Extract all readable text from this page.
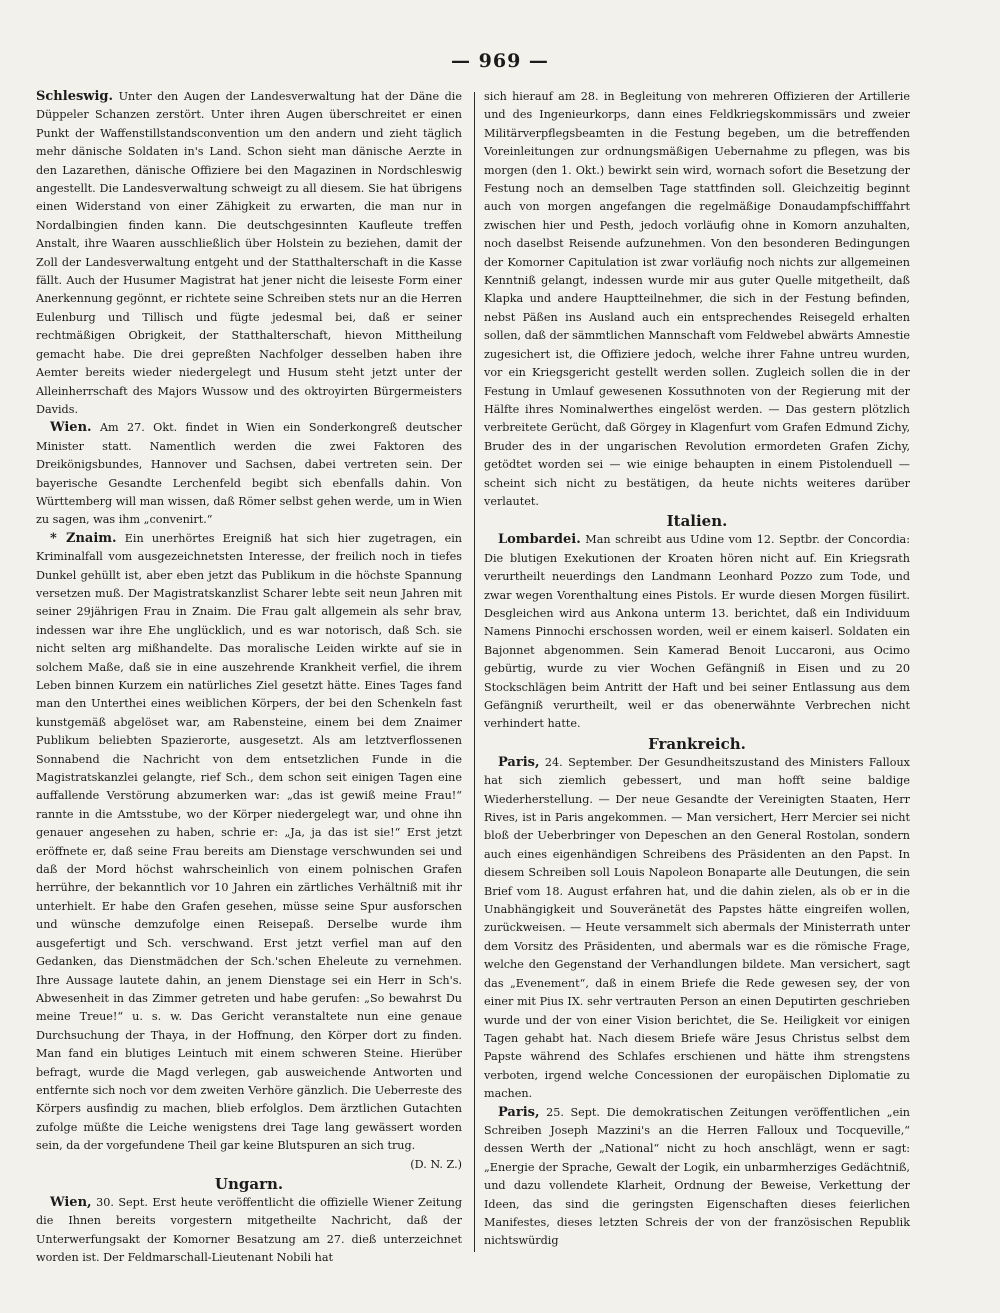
— 969 —

Schleswig. Unter den Augen der Landesverwaltung hat der Däne die Düppeler Schanzen zerstört. Unter ihren Augen überschreitet er einen Punkt der Waffenstillstandsconvention um den andern und zieht täglich mehr dänische Soldaten in's Land. Schon sieht man dänische Aerzte in den Lazarethen, dänische Offiziere bei den Magazinen in Nordschleswig angestellt. Die Landesverwaltung schweigt zu all diesem. Sie hat übrigens einen Widerstand von einer Zähigkeit zu erwarten, die man nur in Nordalbingien finden kann. Die deutschgesinnten Kaufleute treffen Anstalt, ihre Waaren ausschließlich über Holstein zu beziehen, damit der Zoll der Landesverwaltung entgeht und der Statthalterschaft in die Kasse fällt. Auch der Husumer Magistrat hat jener nicht die leiseste Form einer Anerkennung gegönnt, er richtete seine Schreiben stets nur an die Herren Eulenburg und Tillisch und fügte jedesmal bei, daß er seiner rechtmäßigen Obrigkeit, der Statthalterschaft, hievon Mittheilung gemacht habe. Die drei gepreßten Nachfolger desselben haben ihre Aemter bereits wieder niedergelegt und Husum steht jetzt unter der Alleinherrschaft des Majors Wussow und des oktroyirten Bürgermeisters Davids.

Wien. Am 27. Okt. findet in Wien ein Sonderkongreß deutscher Minister statt. Namentlich werden die zwei Faktoren des Dreikönigsbundes, Hannover und Sachsen, dabei vertreten sein. Der bayerische Gesandte Lerchenfeld begibt sich ebenfalls dahin. Von Württemberg will man wissen, daß Römer selbst gehen werde, um in Wien zu sagen, was ihm „convenirt.“

* Znaim. Ein unerhörtes Ereigniß hat sich hier zugetragen, ein Kriminalfall vom ausgezeichnetsten Interesse, der freilich noch in tiefes Dunkel gehüllt ist, aber eben jetzt das Publikum in die höchste Spannung versetzen muß. Der Magistratskanzlist Scharer lebte seit neun Jahren mit seiner 29jährigen Frau in Znaim. Die Frau galt allgemein als sehr brav, indessen war ihre Ehe unglücklich, und es war notorisch, daß Sch. sie nicht selten arg mißhandelte. Das moralische Leiden wirkte auf sie in solchem Maße, daß sie in eine auszehrende Krankheit verfiel, die ihrem Leben binnen Kurzem ein natürliches Ziel gesetzt hätte. Eines Tages fand man den Unterthei eines weiblichen Körpers, der bei den Schenkeln fast kunstgemäß abgelöset war, am Rabensteine, einem bei dem Znaimer Publikum beliebten Spazierorte, ausgesetzt. Als am letztverflossenen Sonnabend die Nachricht von dem entsetzlichen Funde in die Magistratskanzlei gelangte, rief Sch., dem schon seit einigen Tagen eine auffallende Verstörung abzumerken war: „das ist gewiß meine Frau!“ rannte in die Amtsstube, wo der Körper niedergelegt war, und ohne ihn genauer angesehen zu haben, schrie er: „Ja, ja das ist sie!“ Erst jetzt eröffnete er, daß seine Frau bereits am Dienstage verschwunden sei und daß der Mord höchst wahrscheinlich von einem polnischen Grafen herrühre, der bekanntlich vor 10 Jahren ein zärtliches Verhältniß mit ihr unterhielt. Er habe den Grafen gesehen, müsse seine Spur ausforschen und wünsche demzufolge einen Reisepaß. Derselbe wurde ihm ausgefertigt und Sch. verschwand. Erst jetzt verfiel man auf den Gedanken, das Dienstmädchen der Sch.'schen Eheleute zu vernehmen. Ihre Aussage lautete dahin, an jenem Dienstage sei ein Herr in Sch's. Abwesenheit in das Zimmer getreten und habe gerufen: „So bewahrst Du meine Treue!“ u. s. w. Das Gericht veranstaltete nun eine genaue Durchsuchung der Thaya, in der Hoffnung, den Körper dort zu finden. Man fand ein blutiges Leintuch mit einem schweren Steine. Hierüber befragt, wurde die Magd verlegen, gab ausweichende Antworten und entfernte sich noch vor dem zweiten Verhöre gänzlich. Die Ueberreste des Körpers ausfindig zu machen, blieb erfolglos. Dem ärztlichen Gutachten zufolge müßte die Leiche wenigstens drei Tage lang gewässert worden sein, da der vorgefundene Theil gar keine Blutspuren an sich trug.
(D. N. Z.)

Ungarn.

Wien, 30. Sept. Erst heute veröffentlicht die offizielle Wiener Zeitung die Ihnen bereits vorgestern mitgetheilte Nachricht, daß der Unterwerfungsakt der Komorner Besatzung am 27. dieß unterzeichnet worden ist. Der Feldmarschall-Lieutenant Nobili hat

sich hierauf am 28. in Begleitung von mehreren Offizieren der Artillerie und des Ingenieurkorps, dann eines Feldkriegskommissärs und zweier Militärverpflegsbeamten in die Festung begeben, um die betreffenden Voreinleitungen zur ordnungsmäßigen Uebernahme zu pflegen, was bis morgen (den 1. Okt.) bewirkt sein wird, wornach sofort die Besetzung der Festung noch an demselben Tage stattfinden soll. Gleichzeitig beginnt auch von morgen angefangen die regelmäßige Donaudampfschifffahrt zwischen hier und Pesth, jedoch vorläufig ohne in Komorn anzuhalten, noch daselbst Reisende aufzunehmen. Von den besonderen Bedingungen der Komorner Capitulation ist zwar vorläufig noch nichts zur allgemeinen Kenntniß gelangt, indessen wurde mir aus guter Quelle mitgetheilt, daß Klapka und andere Hauptteilnehmer, die sich in der Festung befinden, nebst Päßen ins Ausland auch ein entsprechendes Reisegeld erhalten sollen, daß der sämmtlichen Mannschaft vom Feldwebel abwärts Amnestie zugesichert ist, die Offiziere jedoch, welche ihrer Fahne untreu wurden, vor ein Kriegsgericht gestellt werden sollen. Zugleich sollen die in der Festung in Umlauf gewesenen Kossuthnoten von der Regierung mit der Hälfte ihres Nominalwerthes eingelöst werden. — Das gestern plötzlich verbreitete Gerücht, daß Görgey in Klagenfurt vom Grafen Edmund Zichy, Bruder des in der ungarischen Revolution ermordeten Grafen Zichy, getödtet worden sei — wie einige behaupten in einem Pistolenduell — scheint sich nicht zu bestätigen, da heute nichts weiteres darüber verlautet.

Italien.

Lombardei. Man schreibt aus Udine vom 12. Septbr. der Concordia: Die blutigen Exekutionen der Kroaten hören nicht auf. Ein Kriegsrath verurtheilt neuerdings den Landmann Leonhard Pozzo zum Tode, und zwar wegen Vorenthaltung eines Pistols. Er wurde diesen Morgen füsilirt. Desgleichen wird aus Ankona unterm 13. berichtet, daß ein Individuum Namens Pinnochi erschossen worden, weil er einem kaiserl. Soldaten ein Bajonnet abgenommen. Sein Kamerad Benoit Luccaroni, aus Ocimo gebürtig, wurde zu vier Wochen Gefängniß in Eisen und zu 20 Stockschlägen beim Antritt der Haft und bei seiner Entlassung aus dem Gefängniß verurtheilt, weil er das obenerwähnte Verbrechen nicht verhindert hatte.

Frankreich.

Paris, 24. September. Der Gesundheitszustand des Ministers Falloux hat sich ziemlich gebessert, und man hofft seine baldige Wiederherstellung. — Der neue Gesandte der Vereinigten Staaten, Herr Rives, ist in Paris angekommen. — Man versichert, Herr Mercier sei nicht bloß der Ueberbringer von Depeschen an den General Rostolan, sondern auch eines eigenhändigen Schreibens des Präsidenten an den Papst. In diesem Schreiben soll Louis Napoleon Bonaparte alle Deutungen, die sein Brief vom 18. August erfahren hat, und die dahin zielen, als ob er in die Unabhängigkeit und Souveränetät des Papstes hätte eingreifen wollen, zurückweisen. — Heute versammelt sich abermals der Ministerrath unter dem Vorsitz des Präsidenten, und abermals war es die römische Frage, welche den Gegenstand der Verhandlungen bildete. Man versichert, sagt das „Evenement“, daß in einem Briefe die Rede gewesen sey, der von einer mit Pius IX. sehr vertrauten Person an einen Deputirten geschrieben wurde und der von einer Vision berichtet, die Se. Heiligkeit vor einigen Tagen gehabt hat. Nach diesem Briefe wäre Jesus Christus selbst dem Papste während des Schlafes erschienen und hätte ihm strengstens verboten, irgend welche Concessionen der europäischen Diplomatie zu machen.

Paris, 25. Sept. Die demokratischen Zeitungen veröffentlichen „ein Schreiben Joseph Mazzini's an die Herren Falloux und Tocqueville,“ dessen Werth der „National“ nicht zu hoch anschlägt, wenn er sagt: „Energie der Sprache, Gewalt der Logik, ein unbarmherziges Gedächtniß, und dazu vollendete Klarheit, Ordnung der Beweise, Verkettung der Ideen, das sind die geringsten Eigenschaften dieses feierlichen Manifestes, dieses letzten Schreis der von der französischen Republik nichtswürdig
